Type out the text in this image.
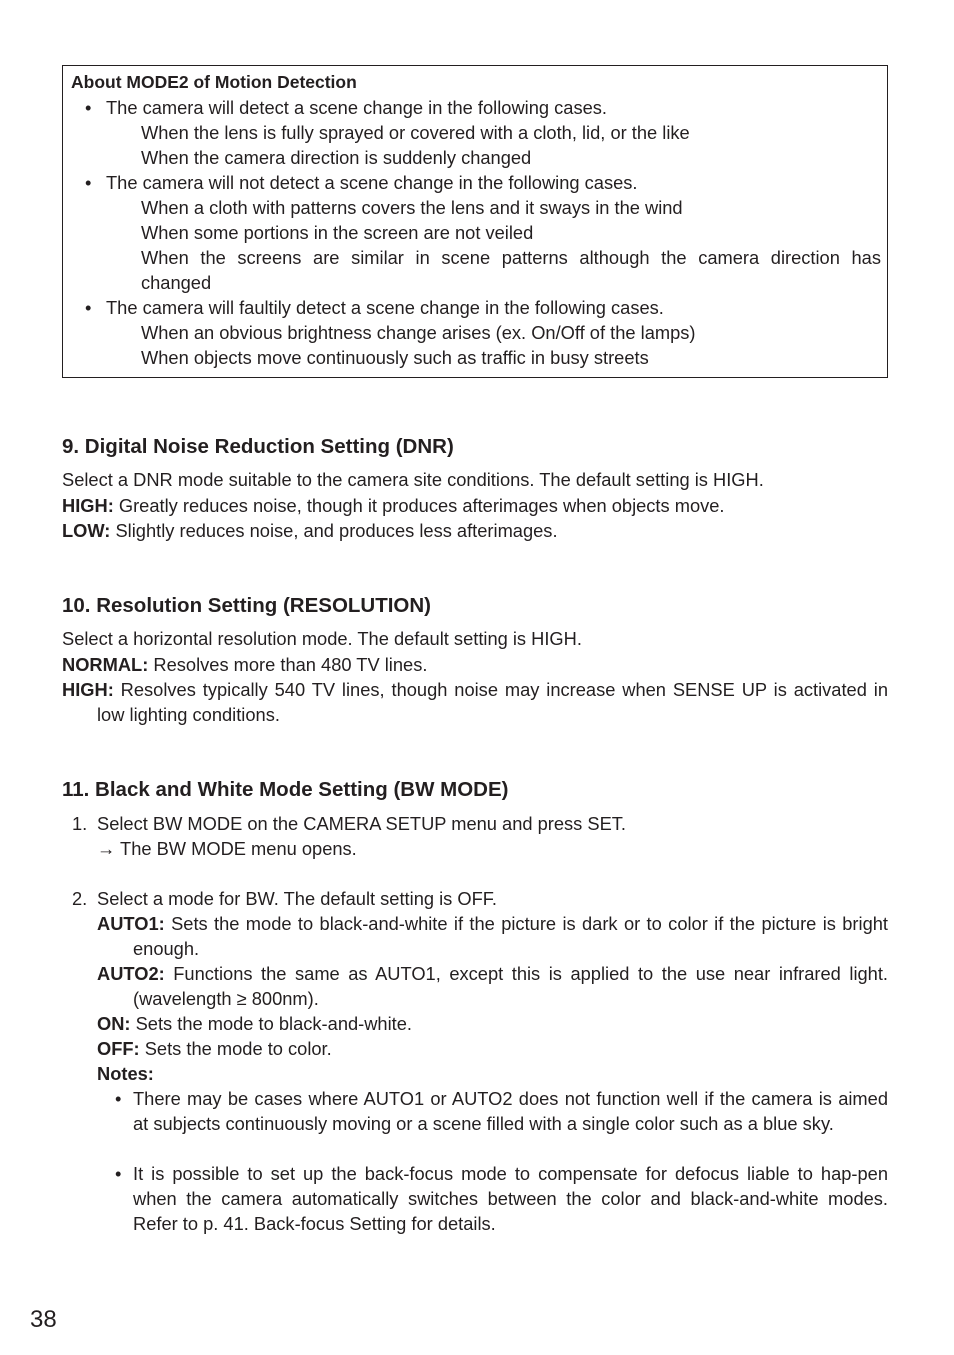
About MODE2 of Motion Detection
• The camera will detect a scene change in the following cases.
When the lens is fully sprayed or covered with a cloth, lid, or the like
When the camera direction is suddenly changed
• The camera will not detect a scene change in the following cases.
When a cloth with patterns covers the lens and it sways in the wind
When some portions in the screen are not veiled
When the screens are similar in scene patterns although the camera direction has
changed
• The camera will faultily detect a scene change in the following cases.
When an obvious brightness change arises (ex. On/Off of the lamps)
When objects move continuously such as traffic in busy streets
9. Digital Noise Reduction Setting (DNR)
Select a DNR mode suitable to the camera site conditions. The default setting is HIGH.
HIGH: Greatly reduces noise, though it produces afterimages when objects move.
LOW: Slightly reduces noise, and produces less afterimages.
10. Resolution Setting (RESOLUTION)
Select a horizontal resolution mode. The default setting is HIGH.
NORMAL: Resolves more than 480 TV lines.
HIGH: Resolves typically 540 TV lines, though noise may increase when SENSE UP is activated in low lighting conditions.
11. Black and White Mode Setting (BW MODE)
1. Select BW MODE on the CAMERA SETUP menu and press SET.
→ The BW MODE menu opens.
2. Select a mode for BW. The default setting is OFF.
AUTO1: Sets the mode to black-and-white if the picture is dark or to color if the picture is bright enough.
AUTO2: Functions the same as AUTO1, except this is applied to the use near infrared light. (wavelength ≥ 800nm).
ON: Sets the mode to black-and-white.
OFF: Sets the mode to color.
Notes:
• There may be cases where AUTO1 or AUTO2 does not function well if the camera is aimed at subjects continuously moving or a scene filled with a single color such as a blue sky.
• It is possible to set up the back-focus mode to compensate for defocus liable to hap-pen when the camera automatically switches between the color and black-and-white modes. Refer to p. 41. Back-focus Setting for details.
38
